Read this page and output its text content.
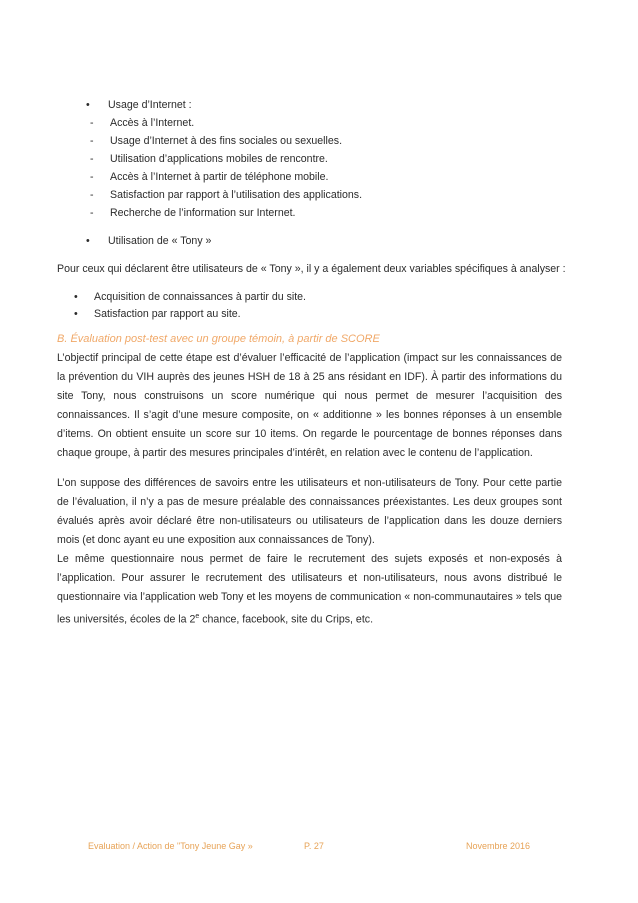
• Usage d’Internet :
- Accès à l’Internet.
- Usage d’Internet à des fins sociales ou sexuelles.
- Utilisation d’applications mobiles de rencontre.
- Accès à l’Internet à partir de téléphone mobile.
- Satisfaction par rapport à l’utilisation des applications.
- Recherche de l’information sur Internet.
• Utilisation de « Tony »
Pour ceux qui déclarent être utilisateurs de « Tony », il y a également deux variables spécifiques à analyser :
• Acquisition de connaissances à partir du site.
• Satisfaction par rapport au site.
B. Évaluation post-test avec un groupe témoin, à partir de SCORE

L’objectif principal de cette étape est d’évaluer l’efficacité de l’application (impact sur les connaissances de la prévention du VIH auprès des jeunes HSH de 18 à 25 ans résidant en IDF). À partir des informations du site Tony, nous construisons un score numérique qui nous permet de mesurer l’acquisition des connaissances. Il s’agit d’une mesure composite, on « additionne » les bonnes réponses à un ensemble d’items. On obtient ensuite un score sur 10 items. On regarde le pourcentage de bonnes réponses dans chaque groupe, à partir des mesures principales d’intérêt, en relation avec le contenu de l’application.

L’on suppose des différences de savoirs entre les utilisateurs et non-utilisateurs de Tony. Pour cette partie de l’évaluation, il n’y a pas de mesure préalable des connaissances préexistantes. Les deux groupes sont évalués après avoir déclaré être non-utilisateurs ou utilisateurs de l’application dans les douze derniers mois (et donc ayant eu une exposition aux connaissances de Tony).

Le même questionnaire nous permet de faire le recrutement des sujets exposés et non-exposés à l’application. Pour assurer le recrutement des utilisateurs et non-utilisateurs, nous avons distribué le questionnaire via l’application web Tony et les moyens de communication « non-communautaires » tels que les universités, écoles de la 2e chance, facebook, site du Crips, etc.

Evaluation / Action de "Tony Jeune Gay »	P. 27	Novembre 2016
